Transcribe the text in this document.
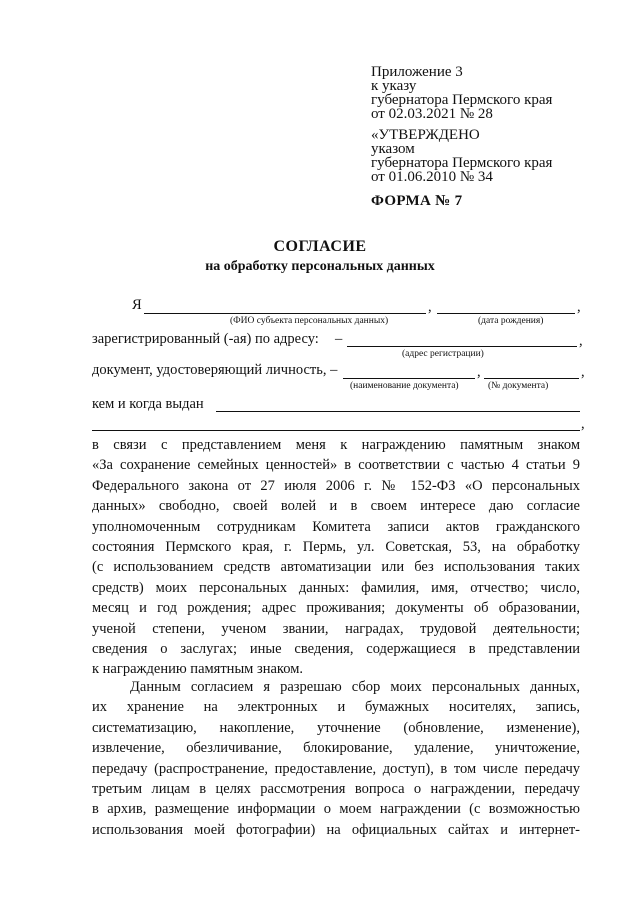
Приложение 3
к указу
губернатора Пермского края
от 02.03.2021 № 28
«УТВЕРЖДЕНО
указом
губернатора Пермского края
от 01.06.2010 № 34
ФОРМА № 7
СОГЛАСИЕ
на обработку персональных данных
Я	,	,
(ФИО субъекта персональных данных)	(дата рождения)
зарегистрированный (-ая) по адресу: –	,
(адрес регистрации)
документ, удостоверяющий личность, –	,	,
(наименование документа)	(№ документа)
кем и когда выдан
,
в связи с представлением меня к награждению памятным знаком
«За сохранение семейных ценностей» в соответствии с частью 4 статьи 9
Федерального закона от 27 июля 2006 г. № 152-ФЗ «О персональных
данных» свободно, своей волей и в своем интересе даю согласие
уполномоченным сотрудникам Комитета записи актов гражданского
состояния Пермского края, г. Пермь, ул. Советская, 53, на обработку
(с использованием средств автоматизации или без использования таких
средств) моих персональных данных: фамилия, имя, отчество; число,
месяц и год рождения; адрес проживания; документы об образовании,
ученой степени, ученом звании, наградах, трудовой деятельности;
сведения о заслугах; иные сведения, содержащиеся в представлении
к награждению памятным знаком.
Данным согласием я разрешаю сбор моих персональных данных,
их хранение на электронных и бумажных носителях, запись,
систематизацию, накопление, уточнение (обновление, изменение),
извлечение, обезличивание, блокирование, удаление, уничтожение,
передачу (распространение, предоставление, доступ), в том числе передачу
третьим лицам в целях рассмотрения вопроса о награждении, передачу
в архив, размещение информации о моем награждении (с возможностью
использования моей фотографии) на официальных сайтах и интернет-
